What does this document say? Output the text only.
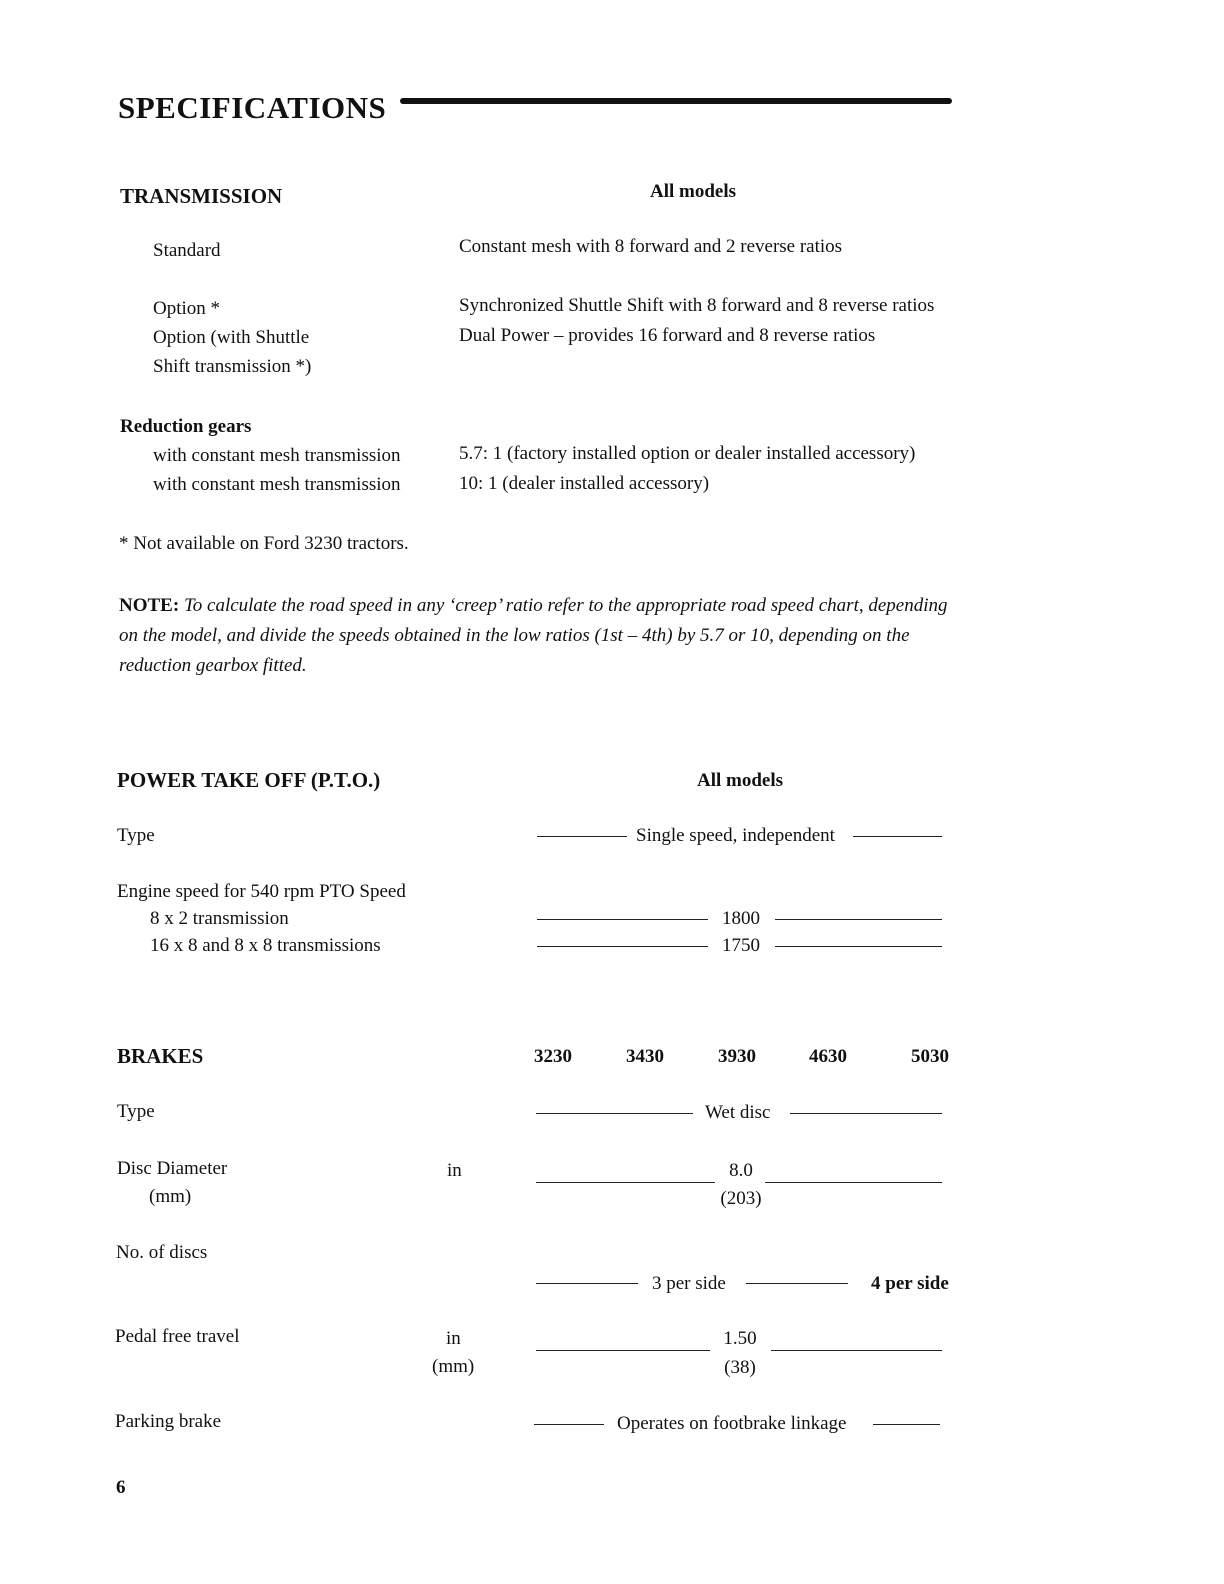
SPECIFICATIONS
TRANSMISSION	All models
Standard	Constant mesh with 8 forward and 2 reverse ratios
Option *	Synchronized Shuttle Shift with 8 forward and 8 reverse ratios
Option (with Shuttle	Dual Power – provides 16 forward and 8 reverse ratios
Shift transmission *)
Reduction gears
with constant mesh transmission	5.7: 1 (factory installed option or dealer installed accessory)
with constant mesh transmission	10: 1 (dealer installed accessory)
* Not available on Ford 3230 tractors.
NOTE: To calculate the road speed in any ‘creep’ ratio refer to the appropriate road speed chart, depending on the model, and divide the speeds obtained in the low ratios (1st – 4th) by 5.7 or 10, depending on the reduction gearbox fitted.
POWER TAKE OFF (P.T.O.)	All models
Type	Single speed, independent
Engine speed for 540 rpm PTO Speed
8 x 2 transmission	1800
16 x 8 and 8 x 8 transmissions	1750
BRAKES	3230	3430	3930	4630	5030
Type	Wet disc
Disc Diameter	in	8.0
(mm)	(203)
No. of discs
3 per side	4 per side
Pedal free travel	in	1.50
(mm)	(38)
Parking brake	Operates on footbrake linkage
6
